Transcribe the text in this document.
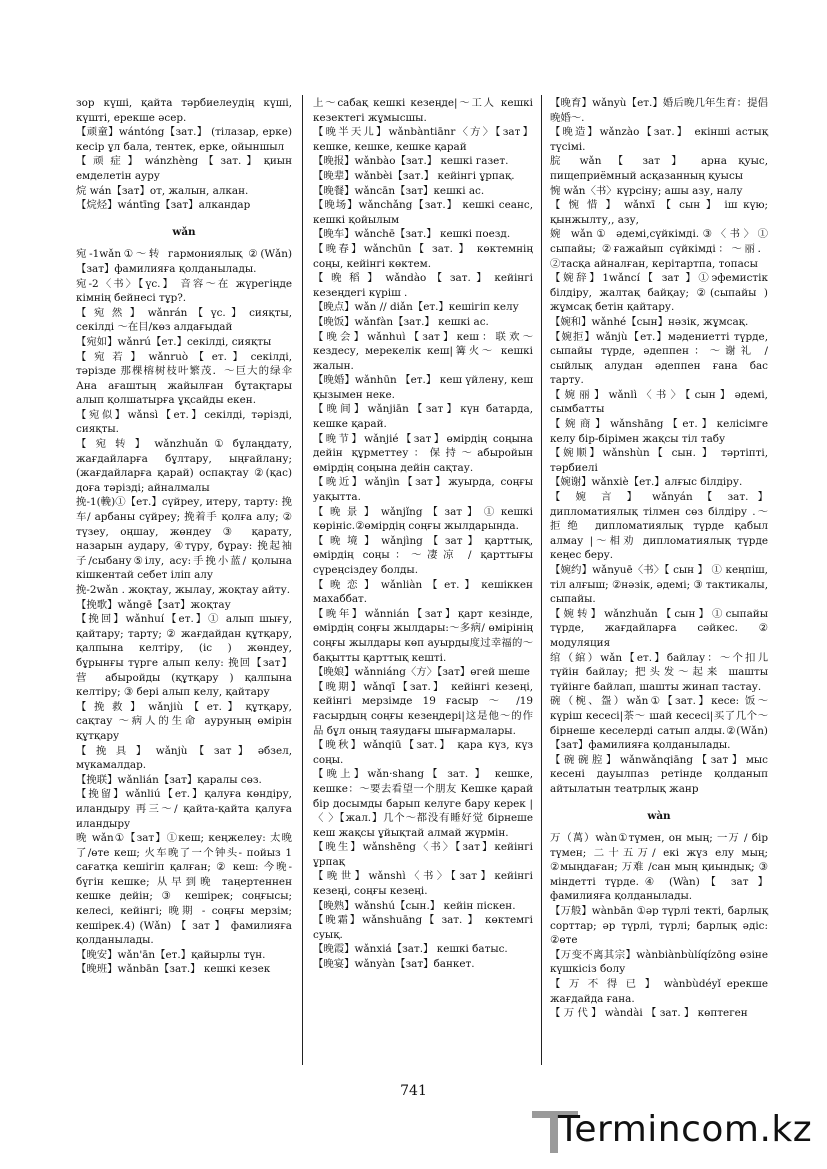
зор күші, қайта тәрбиелеудің күші, күшті, ерекше әсер.

【顽童】wántóng【зат.】 (тілазар, ерке) кесір ұл бала, тентек, ерке, ойыншыл

【 顽 症 】 wánzhèng 【 зат. 】 қиын емделетін ауру

烷 wán【зат】от, жалын, алкан.

【烷烃】wántīng【зат】алкандар

wǎn

宛-1wǎn①～转 гармониялық ②(Wǎn)【зат】фамилияға қолданылады.

宛-2〈书〉【үс.】 音容～在 жүрегіңде кімнің бейнесі тұр?.

【 宛 然 】 wǎnrán 【 үс. 】 сияқты, секілді ～在目/көз алдағыдай

【宛如】wǎnrú【ет.】секілді, сияқты

【 宛 若 】 wǎnruò 【 ет. 】 секілді, тәрізде 那棵榕树枝叶繁茂．～巨大的绿伞 Ана ағаштың жайылған бұтақтары алып қолшатырға ұқсайды екен.

【宛似】wǎnsì【ет.】секілді, тәрізді, сияқты.

【 宛 转 】 wǎnzhuǎn ① бұлаңдату, жағдайларға бұлтару, ыңғайлану; (жағдайларға қарай) оспақтау ②(қас) доға тәрізді; айналмалы

挽-1(輓)①【ет.】сүйреу, итеру, тарту: 挽车/ арбаны сүйреу; 挽着手 қолға алу; ② түзеу, оңшау, жөндеу ③ қарату, назарын аудару, ④түру, бұрау: 挽起袖子/сыбану⑤ілу, асу:手挽小蓝/ қолына кішкентай себет іліп алу

挽-2wǎn . жоқтау, жылау, жоқтау айту.

【挽歌】wǎngē【зат】жоқтау

【挽回】wǎnhuí【ет.】① алып шығу, қайтару; тарту; ② жағдайдан құтқару, қалпына келтіру, (іс ) жөндеу, бұрынғы түрге алып келу: 挽回【зат】营 абыройды (құтқару ) қалпына келтіру; ③ бері алып келу, қайтару

【 挽 救 】 wǎnjiù 【 ет. 】 құтқару, сақтау ～病人的生命 ауруның өмірін құтқару

【 挽 具 】 wǎnjù 【 зат 】 әбзел, мүкамалдар.

【挽联】wǎnlián【зат】қаралы сөз.

【挽留】wǎnliú【ет.】қалуға көндіру, иландыру 再三～/ қайта-қайта қалуға иландыру

晚 wǎn①【зат】①кеш; кеңжелеу: 太晚了/өте кеш; 火车晚了一个钟头- пойыз 1 сағатқа кешігіп қалған; ② кеш: 今晚-бүгін кешке; 从早到晚 таңертеннен кешке дейін; ③ кешірек; соңғысы; келесі, кейінгі; 晚期 - соңғы мерзім; кешірек.4) (Wǎn) 【 зат 】 фамилияға қолданылады.

【晚安】wǎn'ān【ет.】қайырлы түн.

【晚班】wǎnbān【зат.】 кешкі кезек

上～сабақ кешкі кезеңде|～工人 кешкі кезектегі жұмысшы.

【晚半天儿】wǎnbàntiānr〈方〉【зат】 кешке, кешке, кешке қарай

【晚报】wǎnbào【зат.】 кешкі газет.

【晚辈】wǎnbèi【зат.】 кейінгі ұрпақ.

【晚餐】wǎncān【зат】кешкі ас.

【晚场】wǎnchǎng【зат.】 кешкі сеанс, кешкі қойылым

【晚车】wǎnchē【зат.】 кешкі поезд.

【晚春】wǎnchūn【 зат. 】 көктемнің соңы, кейінгі көктем.

【 晚 稻 】 wǎndào 【 зат. 】 кейінгі кезеңдегі күріш .

【晚点】wǎn // diǎn【ет.】кешігіп келу

【晚饭】wǎnfàn【зат.】 кешкі ас.

【晚会】wǎnhuì【зат】кеш：联欢～ кездесу, мерекелік кеш|篝火～ кешкі жалын.

【晚婚】wǎnhūn 【ет.】 кеш үйлену, кеш қызымен неке.

【晚间】wǎnjiān【зат】күн батарда, кешке қарай.

【晚节】wǎnjié【зат】өмірдің соңына дейін құрметтеу：保持～абыройын өмірдің соңына дейін сақтау.

【晚近】wǎnjìn【зат】жуырда, соңғы уақытта.

【 晚 景 】 wǎnjǐng 【 зат 】 ① кешкі көрініс.②өмірдің соңғы жылдарында.

【 晚 境 】 wǎnjìng 【 зат 】 қарттық, өмірдің соңы：～凄凉 / қарттығы сүреңсіздеу болды.

【 晚 恋 】 wǎnliàn 【 ет. 】 кешіккен махаббат.

【晚年】wǎnnián【зат】қарт кезінде, өмірдің соңғы жылдары:～多病/ өмірінің соңғы жылдары көп ауырды度过幸福的～ бақытты қарттық кешті.

【晚娘】wǎnniáng〈方〉【зат】өгей шеше

【晚期】wǎnqī【зат.】 кейінгі кезеңі, кейінгі мерзімде 19 ғасыр ～ /19 ғасырдың соңғы кезеңдері|这是他～的作品 бұл оның таяудағы шығармалары.

【晚秋】wǎnqiū【зат.】 қара күз, күз соңы.

【晚上】wǎn·shang【 зат. 】 кешке, кешке：～要去看望一个朋友 Кешке қарай бір досымды барып келуге бару керек |〈 〉【жал.】几个～都没有睡好觉 бірнеше кеш жақсы ұйықтай алмай жүрмін.

【晚生】wǎnshēng〈书〉【зат】кейінгі ұрпақ

【晚世】wǎnshì〈书〉【зат】кейінгі кезеңі, соңғы кезеңі.

【晚熟】wǎnshú【сын.】 кейін піскен.

【晚霜】wǎnshuāng【 зат. 】 көктемгі суық.

【晚霞】wǎnxiá【зат.】 кешкі батыс.

【晚宴】wǎnyàn【зат】банкет.

【晚育】wǎnyù【ет.】婚后晚几年生育：提倡晚婚～.

【晚造】wǎnzào【зат.】 екінші астық түсімі.

脘 wǎn 【 зат 】 арна қуыс, пищеприёмный асқазанның қуысы

惋 wǎn〈书〉күрсіну; ашы азу, налу

【 惋 惜 】 wǎnxī 【 сын 】 іш күю; қынжылту,, азу,

婉 wǎn① әдемі,сүйкімді.③〈书〉① сыпайы; ②ғажайып сүйкімді：～丽．②тасқа айналған, керітартпа, топасы

【婉辞】1wǎncí【 зат 】①эфемистік білдіру, жалтақ байқау; ②(сыпайы ) жұмсақ бетін қайтару.

【婉和】wǎnhé【сын】нәзік, жұмсақ.

【婉拒】wǎnjù【ет.】мәдениетті түрде, сыпайы түрде, әдеппен：～谢礼 / сыйлық алудан әдеппен ғана бас тарту.

【婉丽】wǎnlì〈书〉【сын】әдемі, сымбатты

【 婉 商 】 wǎnshāng 【 ет. 】 келісімге келу бір-бірімен жақсы тіл табу

【婉顺】wǎnshùn【 сын. 】 тәртіпті, тәрбиелі

【婉谢】wǎnxiè【ет.】алғыс білдіру.

【 婉 言 】 wǎnyán 【 зат. 】 дипломатиялық тілмен сөз білдіру .～拒绝 дипломатиялық түрде қабыл алмау |～相劝 дипломатиялық түрде кеңес беру.

【婉约】wǎnyuē〈书〉【 сын 】 ① кеңпіш, тіл алғыш; ②нәзік, әдемі; ③ тактикалы, сыпайы.

【婉转】wǎnzhuǎn【сын】①сыпайы түрде, жағдайларға сәйкес. ② модуляция

绾（綰）wǎn【ет.】байлау：～个扣儿 түйін байлау; 把头发～起来 шашты түйінге байлап, шашты жинап тастау.

碗（椀、盌）wǎn①【зат.】кесе: 饭～ күріш кесесі|茶～ шай кесесі|买了几个～ бірнеше кеселерді сатып алды.②(Wǎn)【зат】фамилияға қолданылады.

【碗碗腔】wǎnwǎnqiāng【зат】мыс кесені дауылпаз ретінде қолданып айтылатын театрлық жанр

wàn

万（萬）wàn①түмен, он мың; 一万 / бір түмен; 二十五万/ екі жүз елу мың; ②мыңдаған; 万难 /сан мың қиындық; ③ міндетті түрде.④ (Wàn)【 зат 】 фамилияға қолданылады.

【万般】wànbān ①әр түрлі текті, барлық сорттар; әр түрлі, түрлі; барлық әдіс: ②өте

【万变不离其宗】wànbiànbùlíqízōng өзіне күшкісіз болу

【 万 不 得 已 】 wànbùdéyǐ ерекше жағдайда ғана.

【 万 代 】 wàndài 【 зат. 】 көптеген

741
Termincom.kz
